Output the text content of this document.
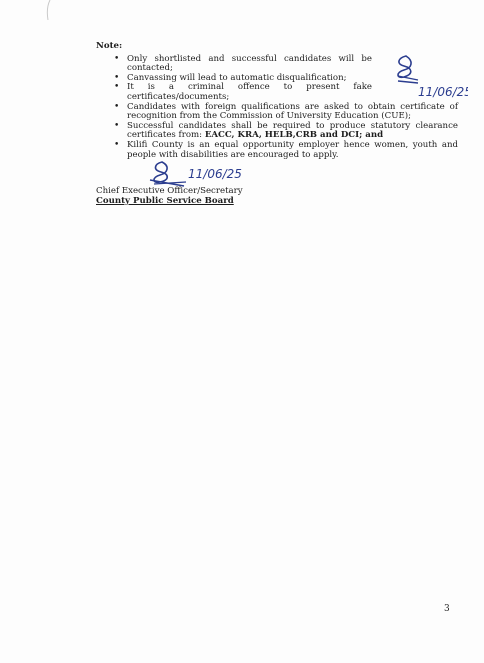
Note:
• Only shortlisted and successful candidates will be contacted;
• Canvassing will lead to automatic disqualification;
• It is a criminal offence to present fake certificates/documents;
• Candidates with foreign qualifications are asked to obtain certificate of recognition from the Commission of University Education (CUE);
• Successful candidates shall be required to produce statutory clearance certificates from: EACC, KRA, HELB,CRB and DCI; and
• Kilifi County is an equal opportunity employer hence women, youth and people with disabilities are encouraged to apply.
11/06/25
11/06/25
Chief Executive Officer/Secretary
County Public Service Board
3
